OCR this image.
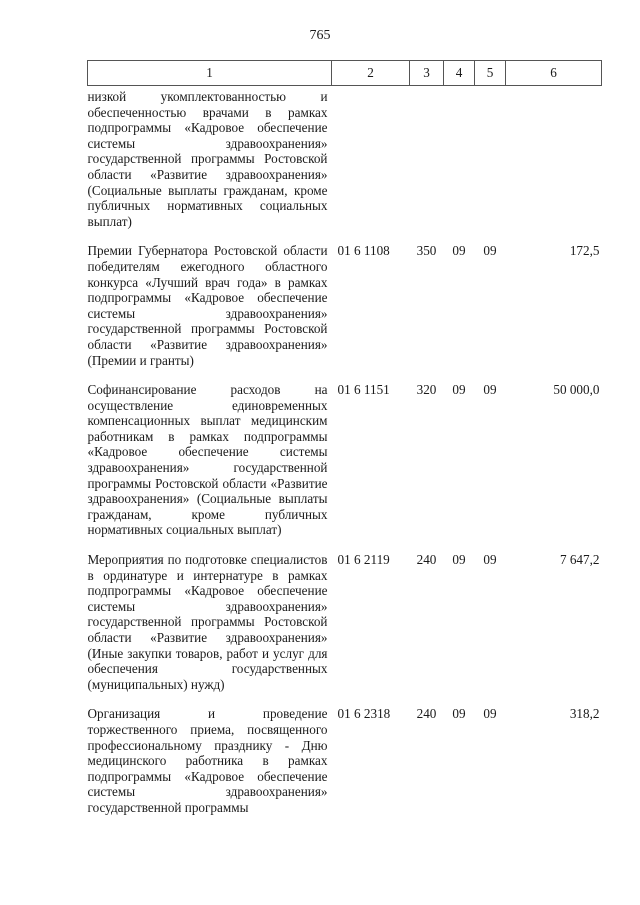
765
1	2	3	4	5	6
низкой укомплектованностью и обеспеченностью врачами в рамках подпрограммы «Кадровое обеспечение системы здравоохранения» государственной программы Ростовской области «Развитие здравоохранения» (Социальные выплаты гражданам, кроме публичных нормативных социальных выплат)					
Премии Губернатора Ростовской области победителям ежегодного областного конкурса «Лучший врач года» в рамках подпрограммы «Кадровое обеспечение системы здравоохранения» государственной программы Ростовской области «Развитие здравоохранения» (Премии и гранты)	01 6 1108	350	09	09	172,5
Софинансирование расходов на осуществление единовременных компенсационных выплат медицинским работникам в рамках подпрограммы «Кадровое обеспечение системы здравоохранения» государственной программы Ростовской области «Развитие здравоохранения» (Социальные выплаты гражданам, кроме публичных нормативных социальных выплат)	01 6 1151	320	09	09	50 000,0
Мероприятия по подготовке специалистов в ординатуре и интернатуре в рамках подпрограммы «Кадровое обеспечение системы здравоохранения» государственной программы Ростовской области «Развитие здравоохранения» (Иные закупки товаров, работ и услуг для обеспечения государственных (муниципальных) нужд)	01 6 2119	240	09	09	7 647,2
Организация и проведение торжественного приема, посвященного профессиональному празднику - Дню медицинского работника в рамках подпрограммы «Кадровое обеспечение системы здравоохранения» государственной программы	01 6 2318	240	09	09	318,2
